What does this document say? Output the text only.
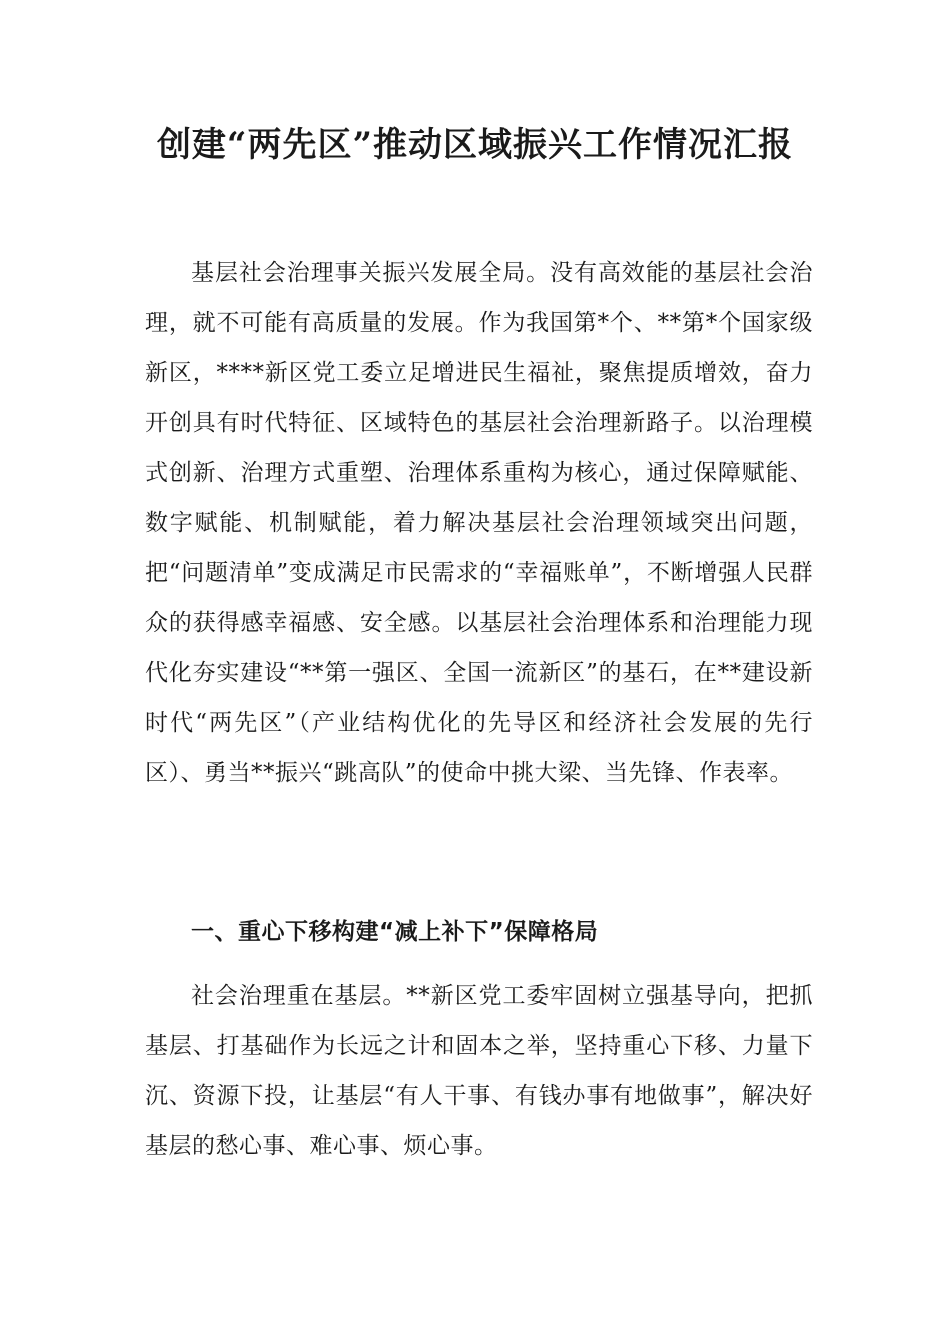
创建“两先区”推动区域振兴工作情况汇报

基层社会治理事关振兴发展全局。没有高效能的基层社会治理，就不可能有高质量的发展。作为我国第*个、**第*个国家级新区，****新区党工委立足增进民生福祉，聚焦提质增效，奋力开创具有时代特征、区域特色的基层社会治理新路子。以治理模式创新、治理方式重塑、治理体系重构为核心，通过保障赋能、数字赋能、机制赋能，着力解决基层社会治理领域突出问题，把“问题清单”变成满足市民需求的“幸福账单”，不断增强人民群众的获得感幸福感、安全感。以基层社会治理体系和治理能力现代化夯实建设“**第一强区、全国一流新区”的基石，在**建设新时代“两先区”（产业结构优化的先导区和经济社会发展的先行区）、勇当**振兴“跳高队”的使命中挑大梁、当先锋、作表率。

一、重心下移构建“减上补下”保障格局

社会治理重在基层。**新区党工委牢固树立强基导向，把抓基层、打基础作为长远之计和固本之举，坚持重心下移、力量下沉、资源下投，让基层“有人干事、有钱办事有地做事”，解决好基层的愁心事、难心事、烦心事。
